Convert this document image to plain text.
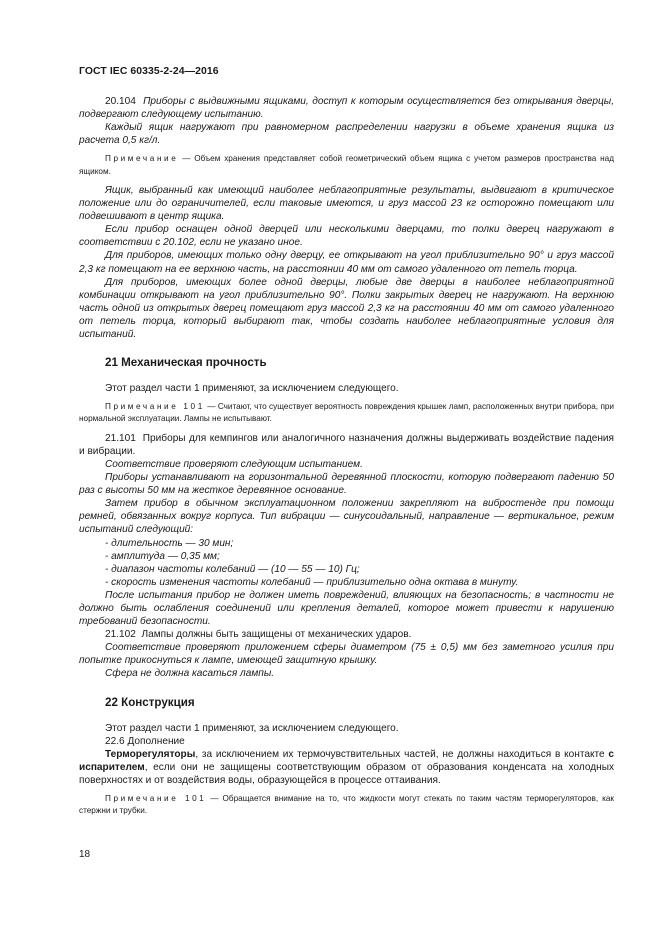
ГОСТ IEC 60335-2-24—2016

20.104 Приборы с выдвижными ящиками, доступ к которым осуществляется без открывания дверцы, подвергают следующему испытанию.

Каждый ящик нагружают при равномерном распределении нагрузки в объеме хранения ящика из расчета 0,5 кг/л.

Примечание — Объем хранения представляет собой геометрический объем ящика с учетом размеров пространства над ящиком.

Ящик, выбранный как имеющий наиболее неблагоприятные результаты, выдвигают в критическое положение или до ограничителей, если таковые имеются, и груз массой 23 кг осторожно помещают или подвешивают в центр ящика.

Если прибор оснащен одной дверцей или несколькими дверцами, то полки дверец нагружают в соответствии с 20.102, если не указано иное.

Для приборов, имеющих только одну дверцу, ее открывают на угол приблизительно 90° и груз массой 2,3 кг помещают на ее верхнюю часть, на расстоянии 40 мм от самого удаленного от петель торца.

Для приборов, имеющих более одной дверцы, любые две дверцы в наиболее неблагоприятной комбинации открывают на угол приблизительно 90°. Полки закрытых дверец не нагружают. На верхнюю часть одной из открытых дверец помещают груз массой 2,3 кг на расстоянии 40 мм от самого удаленного от петель торца, который выбирают так, чтобы создать наиболее неблагоприятные условия для испытаний.

21 Механическая прочность

Этот раздел части 1 применяют, за исключением следующего.

Примечание 101 — Считают, что существует вероятность повреждения крышек ламп, расположенных внутри прибора, при нормальной эксплуатации. Лампы не испытывают.

21.101 Приборы для кемпингов или аналогичного назначения должны выдерживать воздействие падения и вибрации.

Соответствие проверяют следующим испытанием.

Приборы устанавливают на горизонтальной деревянной плоскости, которую подвергают падению 50 раз с высоты 50 мм на жесткое деревянное основание.

Затем прибор в обычном эксплуатационном положении закрепляют на вибростенде при помощи ремней, обвязанных вокруг корпуса. Тип вибрации — синусоидальный, направление — вертикальное, режим испытаний следующий:

- длительность — 30 мин;

- амплитуда — 0,35 мм;

- диапазон частоты колебаний — (10 — 55 — 10) Гц;

- скорость изменения частоты колебаний — приблизительно одна октава в минуту.

После испытания прибор не должен иметь повреждений, влияющих на безопасность; в частности не должно быть ослабления соединений или крепления деталей, которое может привести к нарушению требований безопасности.

21.102 Лампы должны быть защищены от механических ударов.

Соответствие проверяют приложением сферы диаметром (75 ± 0,5) мм без заметного усилия при попытке прикоснуться к лампе, имеющей защитную крышку.

Сфера не должна касаться лампы.

22 Конструкция

Этот раздел части 1 применяют, за исключением следующего.

22.6 Дополнение

Терморегуляторы, за исключением их термочувствительных частей, не должны находиться в контакте с испарителем, если они не защищены соответствующим образом от образования конденсата на холодных поверхностях и от воздействия воды, образующейся в процессе оттаивания.

Примечание 101 — Обращается внимание на то, что жидкости могут стекать по таким частям терморегуляторов, как стержни и трубки.

18
